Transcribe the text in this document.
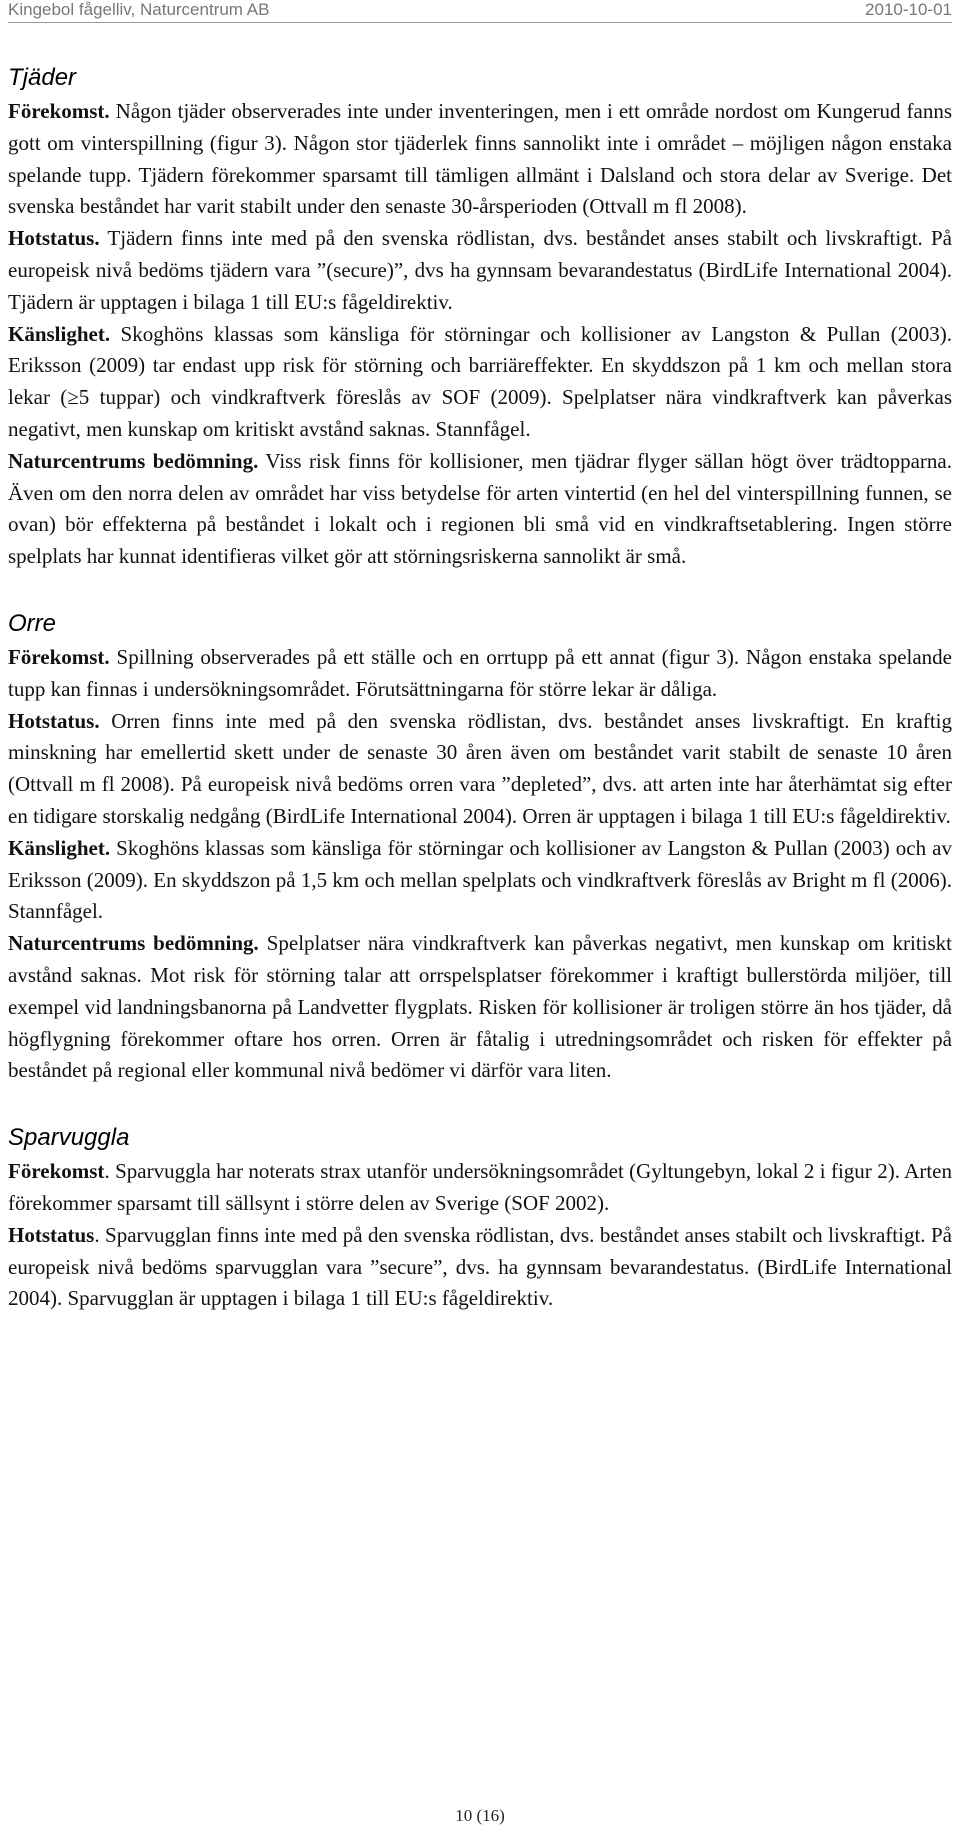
Kingebol fågelliv, Naturcentrum AB	2010-10-01
Tjäder

Förekomst. Någon tjäder observerades inte under inventeringen, men i ett område nordost om Kungerud fanns gott om vinterspillning (figur 3). Någon stor tjäderlek finns sannolikt inte i området – möjligen någon enstaka spelande tupp. Tjädern förekommer sparsamt till tämligen allmänt i Dalsland och stora delar av Sverige. Det svenska beståndet har varit stabilt under den senaste 30-årsperioden (Ottvall m fl 2008).

Hotstatus. Tjädern finns inte med på den svenska rödlistan, dvs. beståndet anses stabilt och livskraftigt. På europeisk nivå bedöms tjädern vara ”(secure)”, dvs ha gynnsam bevarandestatus (BirdLife International 2004). Tjädern är upptagen i bilaga 1 till EU:s fågeldirektiv.

Känslighet. Skoghöns klassas som känsliga för störningar och kollisioner av Langston & Pullan (2003). Eriksson (2009) tar endast upp risk för störning och barriäreffekter. En skyddszon på 1 km och mellan stora lekar (≥5 tuppar) och vindkraftverk föreslås av SOF (2009). Spelplatser nära vindkraftverk kan påverkas negativt, men kunskap om kritiskt avstånd saknas. Stannfågel.

Naturcentrums bedömning. Viss risk finns för kollisioner, men tjädrar flyger sällan högt över trädtopparna. Även om den norra delen av området har viss betydelse för arten vintertid (en hel del vinterspillning funnen, se ovan) bör effekterna på beståndet i lokalt och i regionen bli små vid en vindkraftsetablering. Ingen större spelplats har kunnat identifieras vilket gör att störningsriskerna sannolikt är små.

Orre

Förekomst. Spillning observerades på ett ställe och en orrtupp på ett annat (figur 3). Någon enstaka spelande tupp kan finnas i undersökningsområdet. Förutsättningarna för större lekar är dåliga.

Hotstatus. Orren finns inte med på den svenska rödlistan, dvs. beståndet anses livskraftigt. En kraftig minskning har emellertid skett under de senaste 30 åren även om beståndet varit stabilt de senaste 10 åren (Ottvall m fl 2008). På europeisk nivå bedöms orren vara ”depleted”, dvs. att arten inte har återhämtat sig efter en tidigare storskalig nedgång (BirdLife International 2004). Orren är upptagen i bilaga 1 till EU:s fågeldirektiv.

Känslighet. Skoghöns klassas som känsliga för störningar och kollisioner av Langston & Pullan (2003) och av Eriksson (2009). En skyddszon på 1,5 km och mellan spelplats och vindkraftverk föreslås av Bright m fl (2006). Stannfågel.

Naturcentrums bedömning. Spelplatser nära vindkraftverk kan påverkas negativt, men kunskap om kritiskt avstånd saknas. Mot risk för störning talar att orrspelsplatser förekommer i kraftigt bullerstörda miljöer, till exempel vid landningsbanorna på Landvetter flygplats. Risken för kollisioner är troligen större än hos tjäder, då högflygning förekommer oftare hos orren. Orren är fåtalig i utredningsområdet och risken för effekter på beståndet på regional eller kommunal nivå bedömer vi därför vara liten.

Sparvuggla

Förekomst. Sparvuggla har noterats strax utanför undersökningsområdet (Gyltungebyn, lokal 2 i figur 2). Arten förekommer sparsamt till sällsynt i större delen av Sverige (SOF 2002).

Hotstatus. Sparvugglan finns inte med på den svenska rödlistan, dvs. beståndet anses stabilt och livskraftigt. På europeisk nivå bedöms sparvugglan vara ”secure”, dvs. ha gynnsam bevarandestatus. (BirdLife International 2004). Sparvugglan är upptagen i bilaga 1 till EU:s fågeldirektiv.

10 (16)
